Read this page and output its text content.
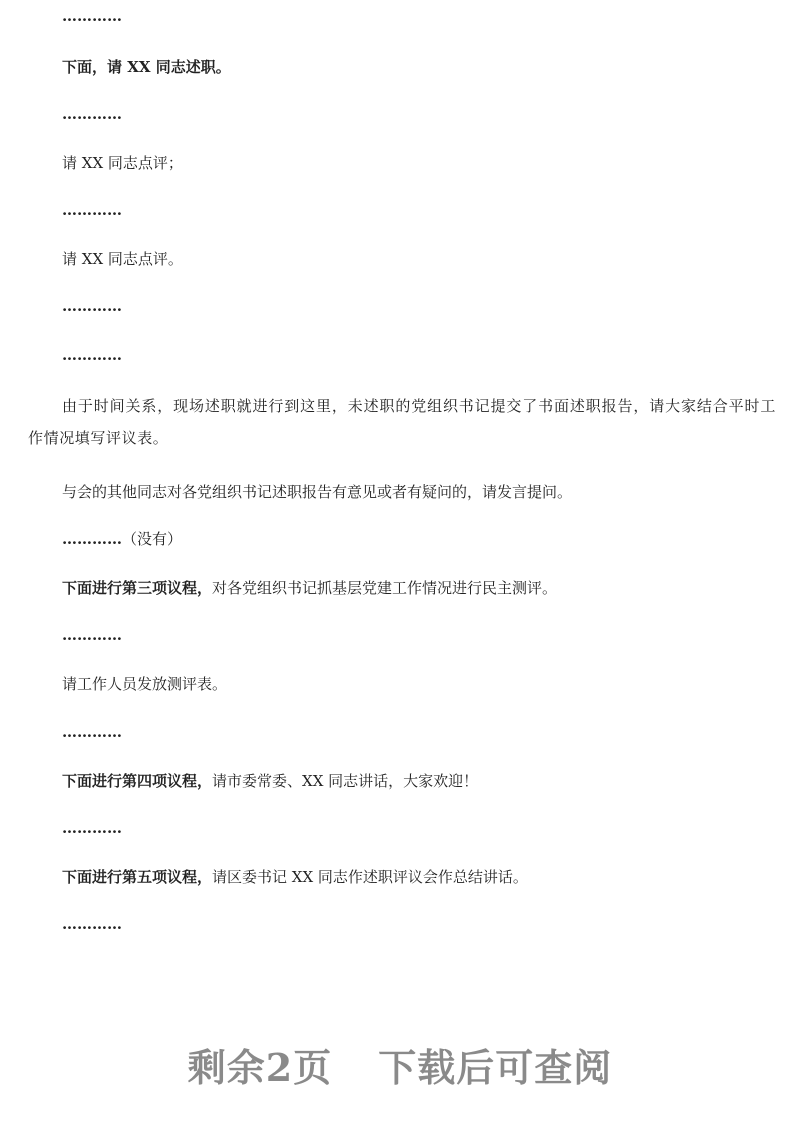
…………
下面，请 XX 同志述职。
…………
请 XX 同志点评；
…………
请 XX 同志点评。
…………
…………
由于时间关系，现场述职就进行到这里，未述职的党组织书记提交了书面述职报告，请大家结合平时工作情况填写评议表。
与会的其他同志对各党组织书记述职报告有意见或者有疑问的，请发言提问。
…………（没有）
下面进行第三项议程，对各党组织书记抓基层党建工作情况进行民主测评。
…………
请工作人员发放测评表。
…………
下面进行第四项议程，请市委常委、XX 同志讲话，大家欢迎！
…………
下面进行第五项议程，请区委书记 XX 同志作述职评议会作总结讲话。
…………
剩余2页 下载后可查阅
